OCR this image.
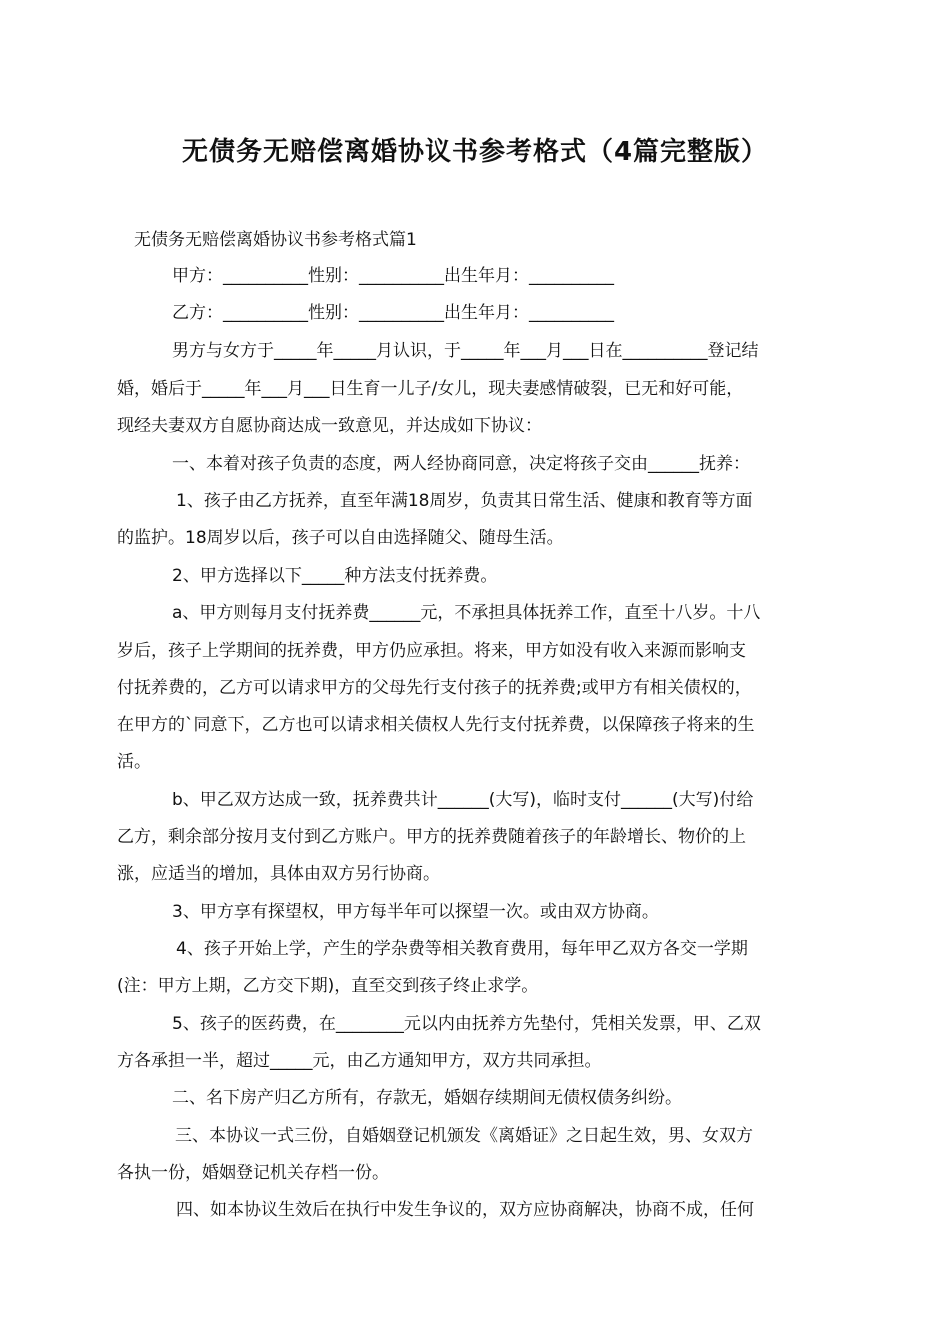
无债务无赔偿离婚协议书参考格式（4篇完整版）
无债务无赔偿离婚协议书参考格式篇1
甲方：__________性别：__________出生年月：__________
乙方：__________性别：__________出生年月：__________
男方与女方于_____年_____月认识，于_____年___月___日在__________登记结
婚，婚后于_____年___月___日生育一儿子/女儿，现夫妻感情破裂，已无和好可能，
现经夫妻双方自愿协商达成一致意见，并达成如下协议：
一、本着对孩子负责的态度，两人经协商同意，决定将孩子交由______抚养：
1、孩子由乙方抚养，直至年满18周岁，负责其日常生活、健康和教育等方面
的监护。18周岁以后，孩子可以自由选择随父、随母生活。
2、甲方选择以下_____种方法支付抚养费。
a、甲方则每月支付抚养费______元，不承担具体抚养工作，直至十八岁。十八
岁后，孩子上学期间的抚养费，甲方仍应承担。将来，甲方如没有收入来源而影响支
付抚养费的，乙方可以请求甲方的父母先行支付孩子的抚养费;或甲方有相关债权的，
在甲方的`同意下，乙方也可以请求相关债权人先行支付抚养费，以保障孩子将来的生
活。
b、甲乙双方达成一致，抚养费共计______(大写)，临时支付______(大写)付给
乙方，剩余部分按月支付到乙方账户。甲方的抚养费随着孩子的年龄增长、物价的上
涨，应适当的增加，具体由双方另行协商。
3、甲方享有探望权，甲方每半年可以探望一次。或由双方协商。
4、孩子开始上学，产生的学杂费等相关教育费用，每年甲乙双方各交一学期
(注：甲方上期，乙方交下期)，直至交到孩子终止求学。
5、孩子的医药费，在________元以内由抚养方先垫付，凭相关发票，甲、乙双
方各承担一半，超过_____元，由乙方通知甲方，双方共同承担。
二、名下房产归乙方所有，存款无，婚姻存续期间无债权债务纠纷。
三、本协议一式三份，自婚姻登记机颁发《离婚证》之日起生效，男、女双方
各执一份，婚姻登记机关存档一份。
四、如本协议生效后在执行中发生争议的，双方应协商解决，协商不成，任何
